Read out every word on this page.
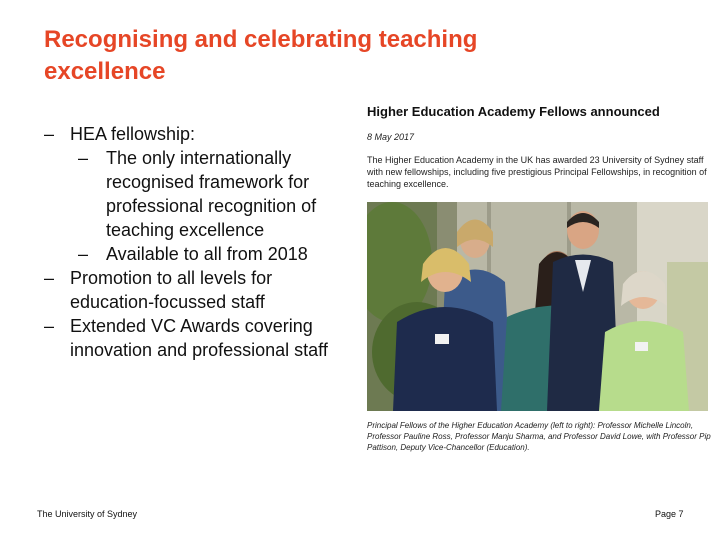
Recognising and celebrating teaching excellence
– HEA fellowship:
– The only internationally recognised framework for professional recognition of teaching excellence
– Available to all from 2018
– Promotion to all levels for education-focussed staff
– Extended VC Awards covering innovation and professional staff
Higher Education Academy Fellows announced
8 May 2017
The Higher Education Academy in the UK has awarded 23 University of Sydney staff with new fellowships, including five prestigious Principal Fellowships, in recognition of teaching excellence.
Principal Fellows of the Higher Education Academy (left to right): Professor Michelle Lincoln, Professor Pauline Ross, Professor Manju Sharma, and Professor David Lowe, with Professor Pip Pattison, Deputy Vice-Chancellor (Education).
The University of Sydney	Page 7
